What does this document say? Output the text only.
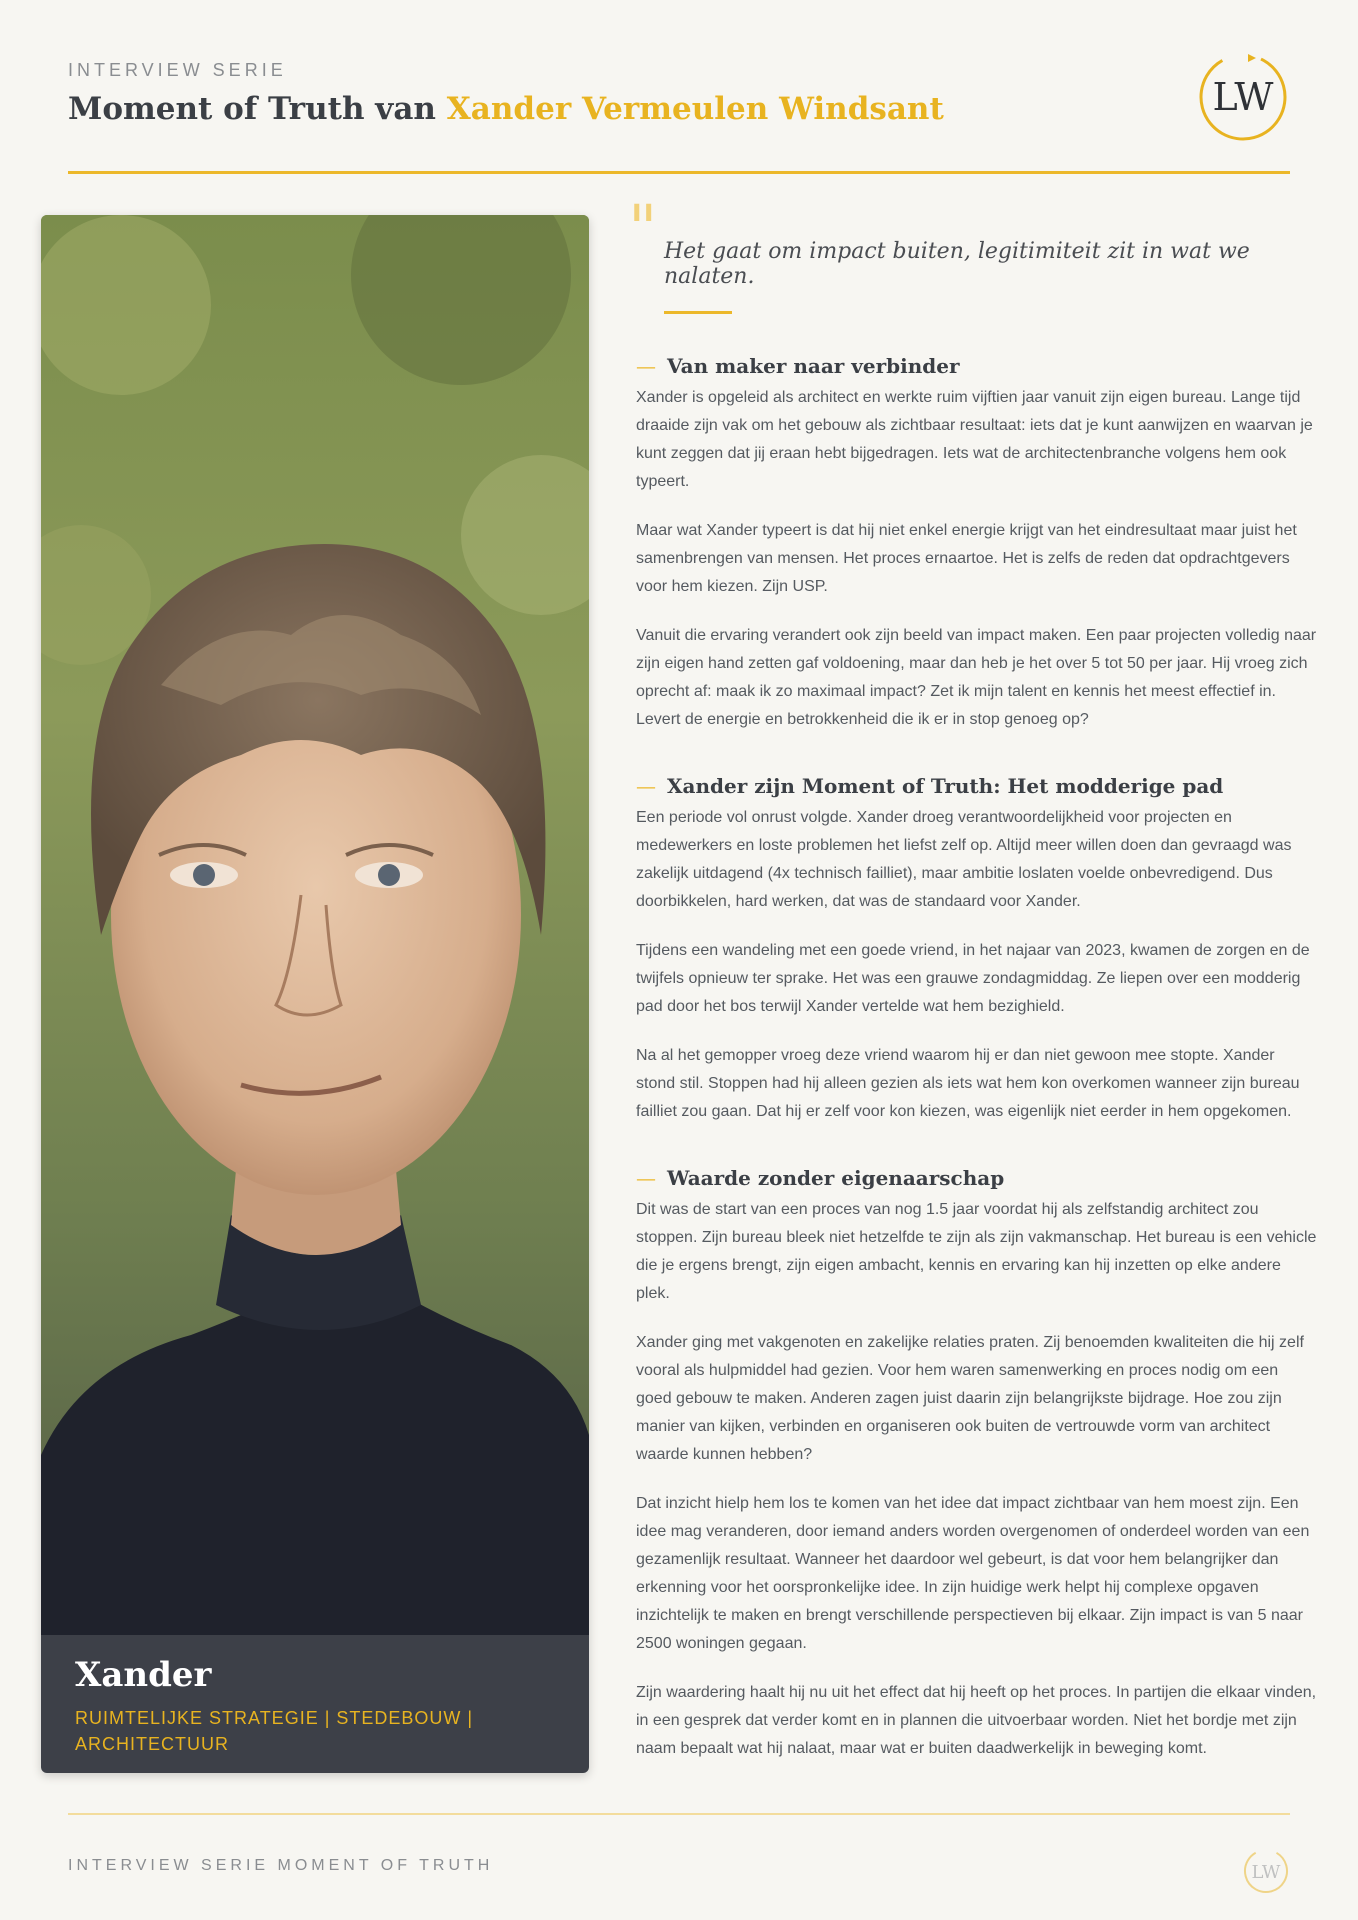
INTERVIEW SERIE
Moment of Truth van Xander Vermeulen Windsant	LW
Xander
RUIMTELIJKE STRATEGIE | STEDEBOUW | ARCHITECTUUR
" Het gaat om impact buiten, legitimiteit zit in wat we nalaten.
— Van maker naar verbinder

Xander is opgeleid als architect en werkte ruim vijftien jaar vanuit zijn eigen bureau. Lange tijd draaide zijn vak om het gebouw als zichtbaar resultaat: iets dat je kunt aanwijzen en waarvan je kunt zeggen dat jij eraan hebt bijgedragen. Iets wat de architectenbranche volgens hem ook typeert.

Maar wat Xander typeert is dat hij niet enkel energie krijgt van het eindresultaat maar juist het samenbrengen van mensen. Het proces ernaartoe. Het is zelfs de reden dat opdrachtgevers voor hem kiezen. Zijn USP.

Vanuit die ervaring verandert ook zijn beeld van impact maken. Een paar projecten volledig naar zijn eigen hand zetten gaf voldoening, maar dan heb je het over 5 tot 50 per jaar. Hij vroeg zich oprecht af: maak ik zo maximaal impact? Zet ik mijn talent en kennis het meest effectief in. Levert de energie en betrokkenheid die ik er in stop genoeg op?

— Xander zijn Moment of Truth: Het modderige pad

Een periode vol onrust volgde. Xander droeg verantwoordelijkheid voor projecten en medewerkers en loste problemen het liefst zelf op. Altijd meer willen doen dan gevraagd was zakelijk uitdagend (4x technisch failliet), maar ambitie loslaten voelde onbevredigend. Dus doorbikkelen, hard werken, dat was de standaard voor Xander.

Tijdens een wandeling met een goede vriend, in het najaar van 2023, kwamen de zorgen en de twijfels opnieuw ter sprake. Het was een grauwe zondagmiddag. Ze liepen over een modderig pad door het bos terwijl Xander vertelde wat hem bezighield.

Na al het gemopper vroeg deze vriend waarom hij er dan niet gewoon mee stopte. Xander stond stil. Stoppen had hij alleen gezien als iets wat hem kon overkomen wanneer zijn bureau failliet zou gaan. Dat hij er zelf voor kon kiezen, was eigenlijk niet eerder in hem opgekomen.

— Waarde zonder eigenaarschap

Dit was de start van een proces van nog 1.5 jaar voordat hij als zelfstandig architect zou stoppen. Zijn bureau bleek niet hetzelfde te zijn als zijn vakmanschap. Het bureau is een vehicle die je ergens brengt, zijn eigen ambacht, kennis en ervaring kan hij inzetten op elke andere plek.

Xander ging met vakgenoten en zakelijke relaties praten. Zij benoemden kwaliteiten die hij zelf vooral als hulpmiddel had gezien. Voor hem waren samenwerking en proces nodig om een goed gebouw te maken. Anderen zagen juist daarin zijn belangrijkste bijdrage. Hoe zou zijn manier van kijken, verbinden en organiseren ook buiten de vertrouwde vorm van architect waarde kunnen hebben?

Dat inzicht hielp hem los te komen van het idee dat impact zichtbaar van hem moest zijn. Een idee mag veranderen, door iemand anders worden overgenomen of onderdeel worden van een gezamenlijk resultaat. Wanneer het daardoor wel gebeurt, is dat voor hem belangrijker dan erkenning voor het oorspronkelijke idee. In zijn huidige werk helpt hij complexe opgaven inzichtelijk te maken en brengt verschillende perspectieven bij elkaar. Zijn impact is van 5 naar 2500 woningen gegaan.

Zijn waardering haalt hij nu uit het effect dat hij heeft op het proces. In partijen die elkaar vinden, in een gesprek dat verder komt en in plannen die uitvoerbaar worden. Niet het bordje met zijn naam bepaalt wat hij nalaat, maar wat er buiten daadwerkelijk in beweging komt.

INTERVIEW SERIE MOMENT OF TRUTH	LW
